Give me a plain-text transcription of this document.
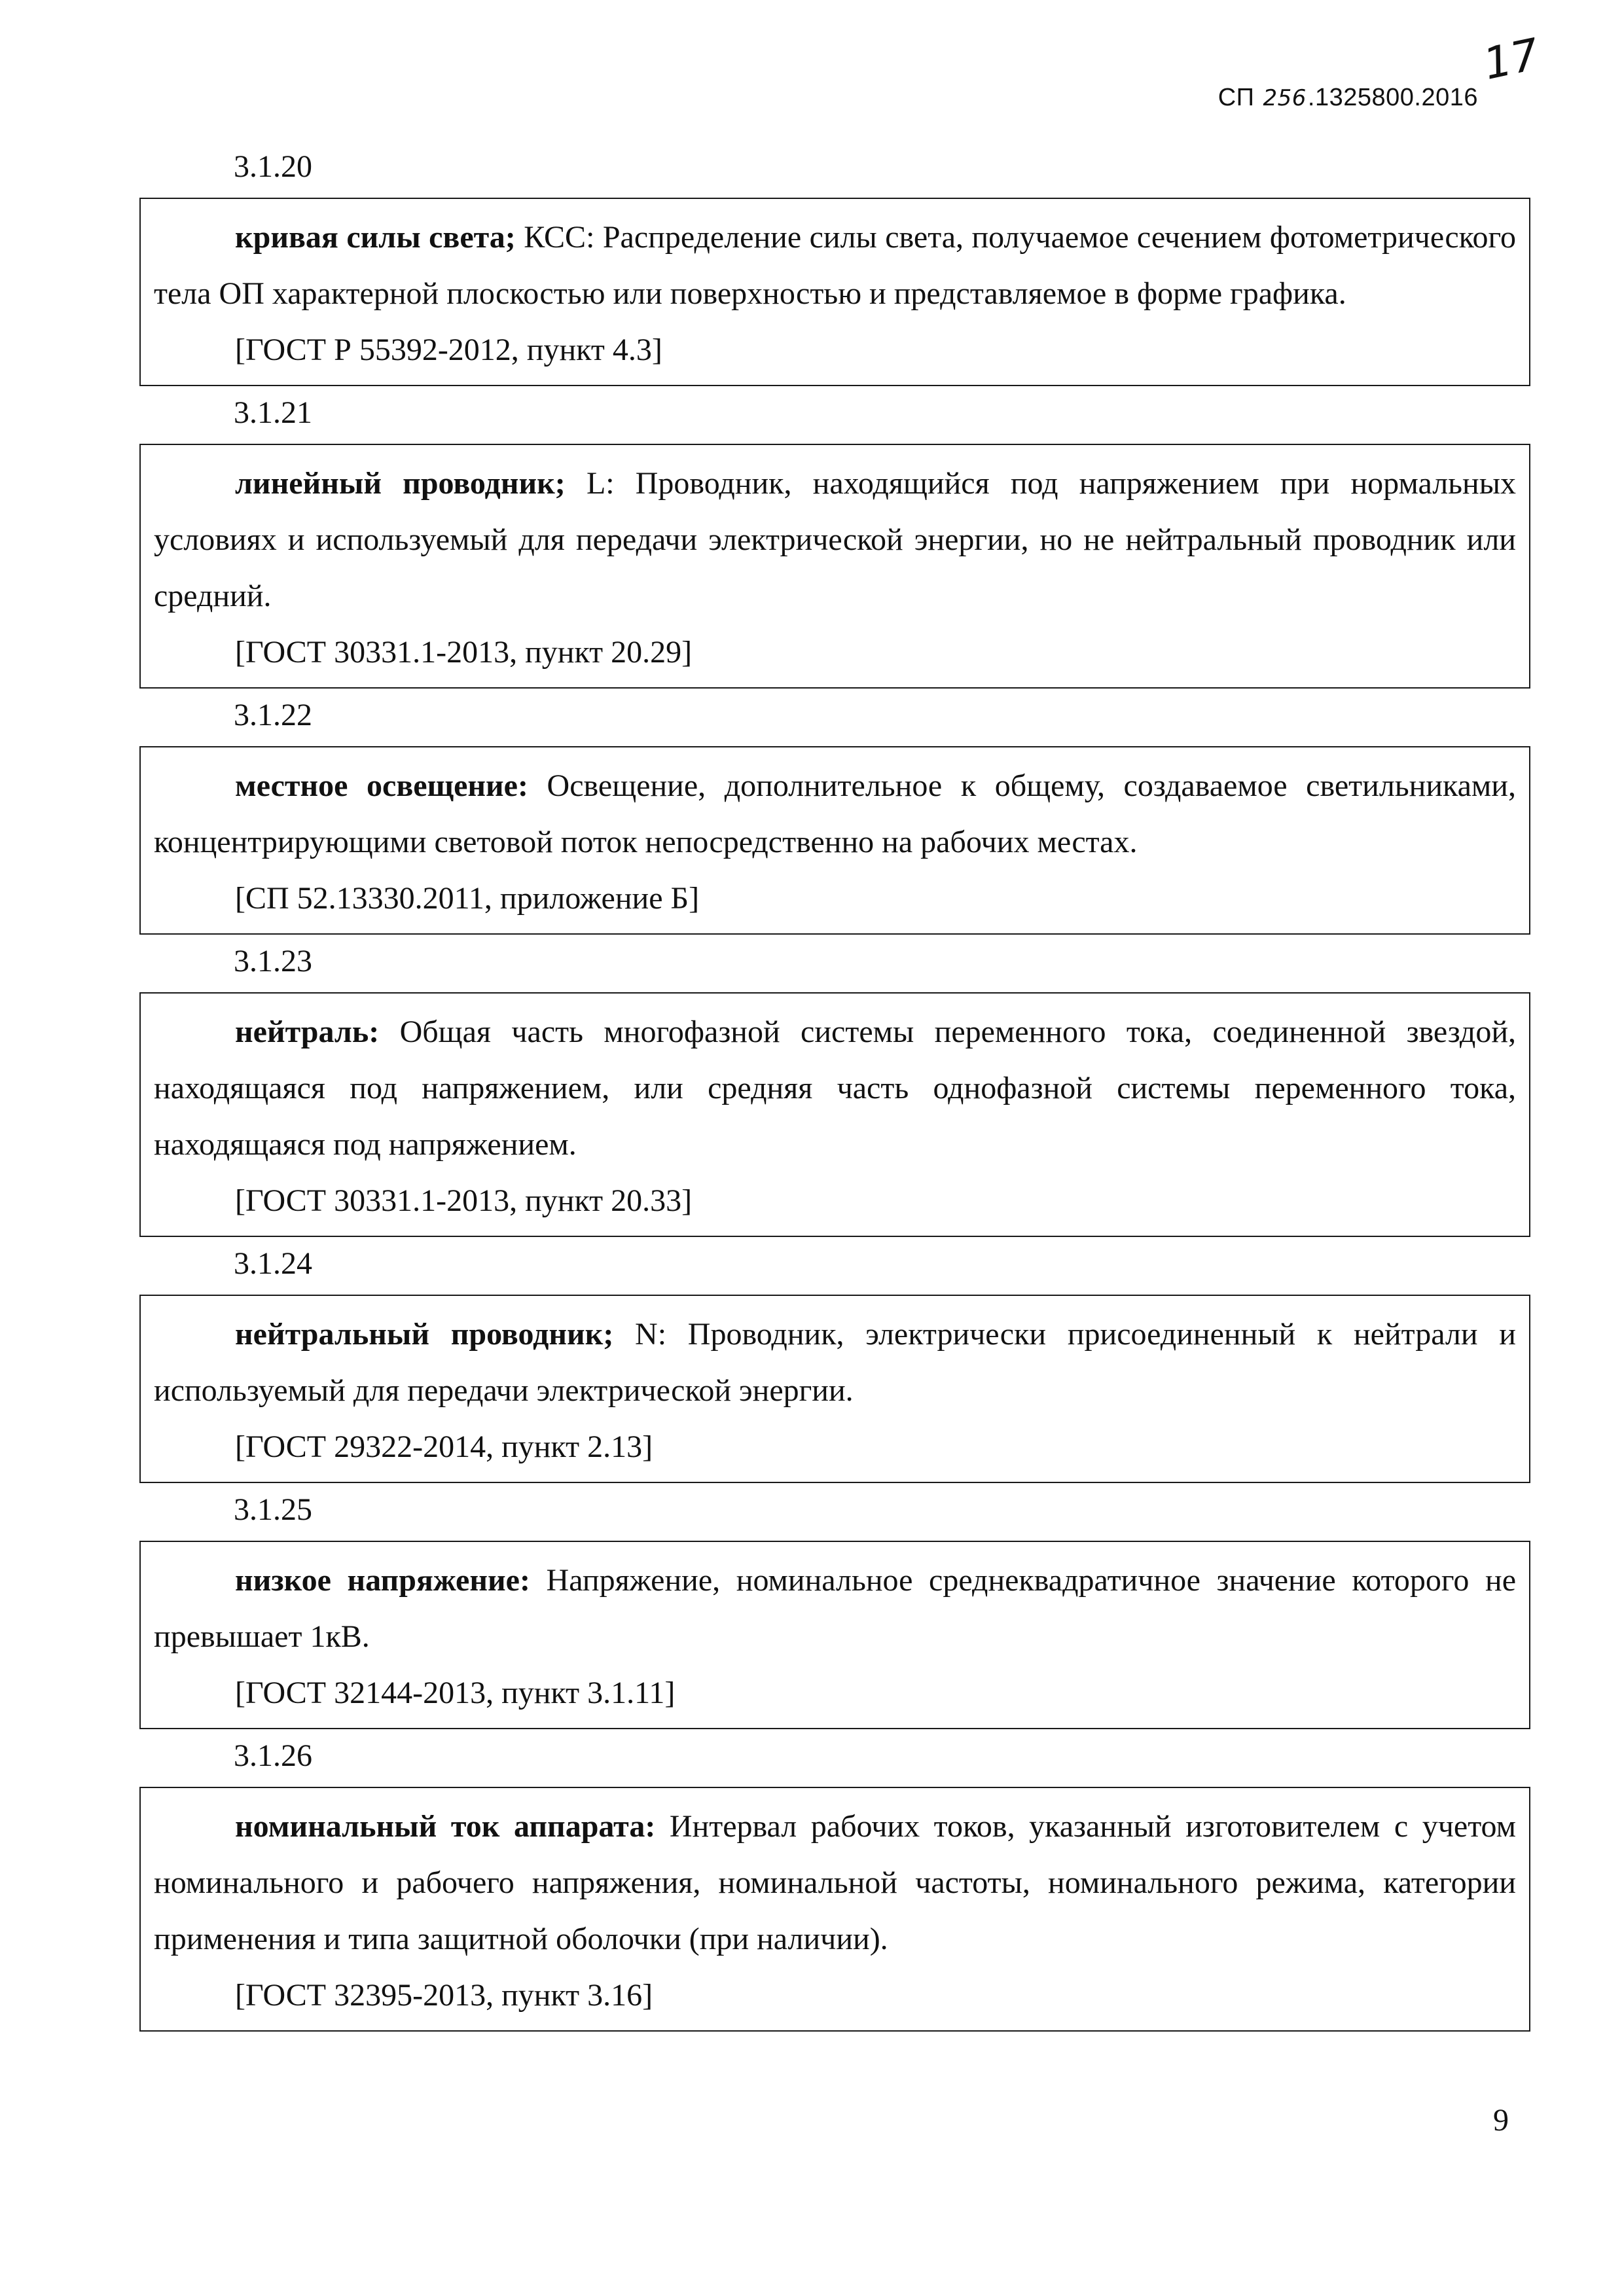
СП 256.1325800.2016
17
3.1.20

кривая силы света; КСС: Распределение силы света, получаемое сечением фотометрического тела ОП характерной плоскостью или поверхностью и представляемое в форме графика.

[ГОСТ Р 55392-2012, пункт 4.3]

3.1.21

линейный проводник; L: Проводник, находящийся под напряжением при нормальных условиях и используемый для передачи электрической энергии, но не нейтральный проводник или средний.

[ГОСТ 30331.1-2013, пункт 20.29]

3.1.22

местное освещение: Освещение, дополнительное к общему, создаваемое светильниками, концентрирующими световой поток непосредственно на рабочих местах.

[СП 52.13330.2011, приложение Б]

3.1.23

нейтраль: Общая часть многофазной системы переменного тока, соединенной звездой, находящаяся под напряжением, или средняя часть однофазной системы переменного тока, находящаяся под напряжением.

[ГОСТ 30331.1-2013, пункт 20.33]

3.1.24

нейтральный проводник; N: Проводник, электрически присоединенный к нейтрали и используемый для передачи электрической энергии.

[ГОСТ 29322-2014, пункт 2.13]

3.1.25

низкое напряжение: Напряжение, номинальное среднеквадратичное значение которого не превышает 1кВ.

[ГОСТ 32144-2013, пункт 3.1.11]

3.1.26

номинальный ток аппарата: Интервал рабочих токов, указанный изготовителем с учетом номинального и рабочего напряжения, номинальной частоты, номинального режима, категории применения и типа защитной оболочки (при наличии).

[ГОСТ 32395-2013, пункт 3.16]

9
